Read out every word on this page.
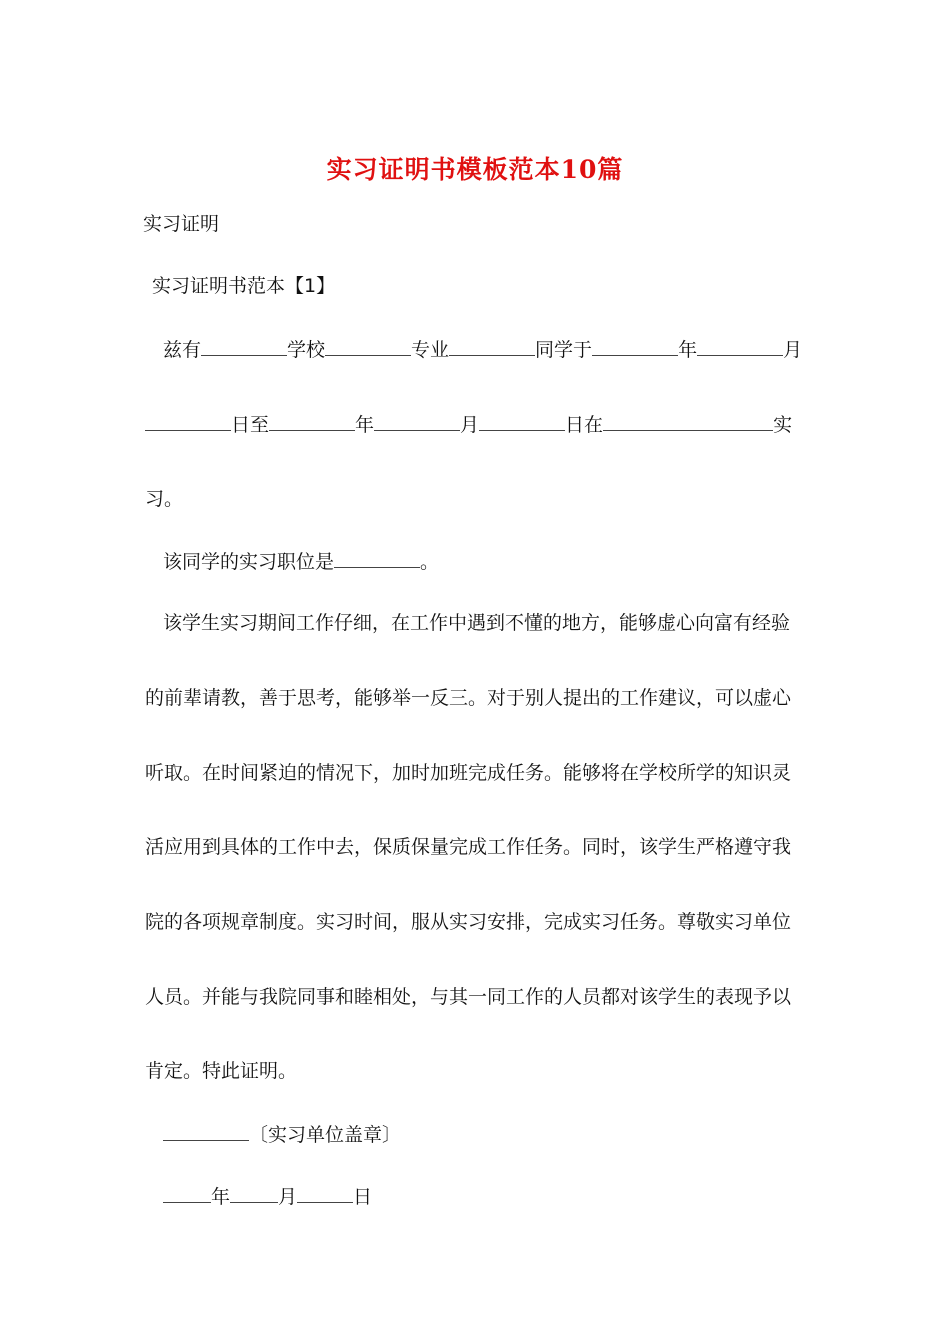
实习证明书模板范本10篇
实习证明
实习证明书范本【1】
兹有	学校	专业	同学于	年	月
日至	年	月	日在	实
习。
该同学的实习职位是	。
该学生实习期间工作仔细，在工作中遇到不懂的地方，能够虚心向富有经验
的前辈请教，善于思考，能够举一反三。对于别人提出的工作建议，可以虚心
听取。在时间紧迫的情况下，加时加班完成任务。能够将在学校所学的知识灵
活应用到具体的工作中去，保质保量完成工作任务。同时，该学生严格遵守我
院的各项规章制度。实习时间，服从实习安排，完成实习任务。尊敬实习单位
人员。并能与我院同事和睦相处，与其一同工作的人员都对该学生的表现予以
肯定。特此证明。
〔实习单位盖章〕
年	月	日
